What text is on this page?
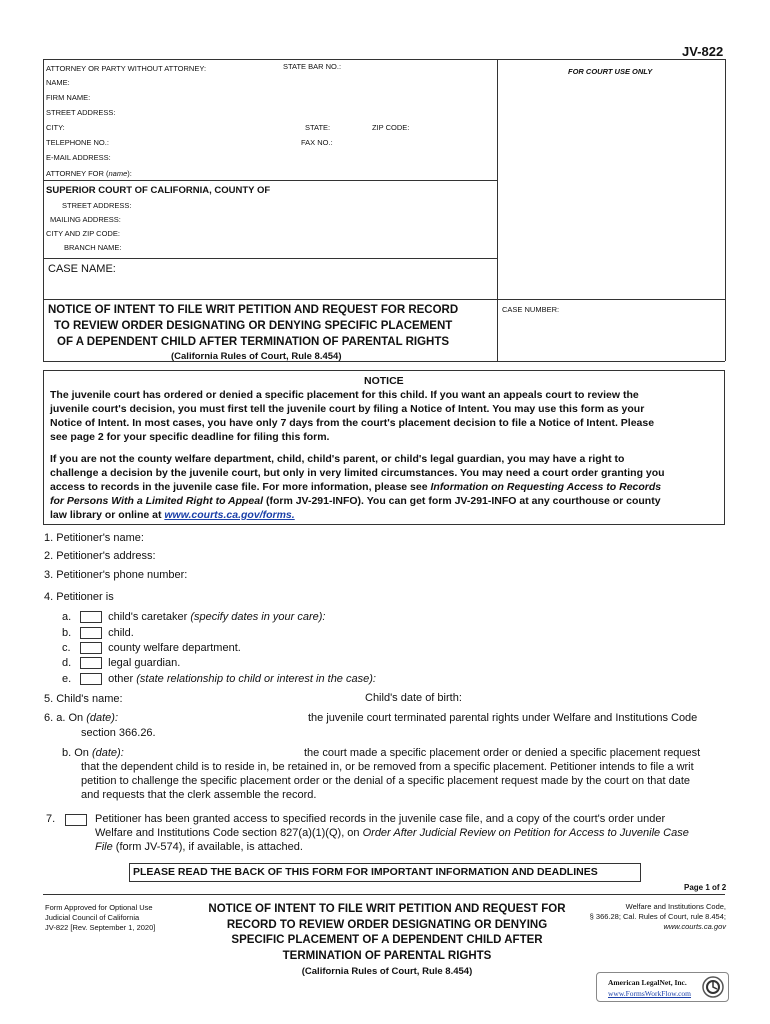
JV-822
ATTORNEY OR PARTY WITHOUT ATTORNEY:	STATE BAR NO.:
FOR COURT USE ONLY
NAME:
FIRM NAME:
STREET ADDRESS:
CITY:	STATE:	ZIP CODE:
TELEPHONE NO.:	FAX NO.:
E-MAIL ADDRESS:
ATTORNEY FOR (name):
SUPERIOR COURT OF CALIFORNIA, COUNTY OF
STREET ADDRESS:
MAILING ADDRESS:
CITY AND ZIP CODE:
BRANCH NAME:
CASE NAME:
CASE NUMBER:
NOTICE OF INTENT TO FILE WRIT PETITION AND REQUEST FOR RECORD
TO REVIEW ORDER DESIGNATING OR DENYING SPECIFIC PLACEMENT
OF A DEPENDENT CHILD AFTER TERMINATION OF PARENTAL RIGHTS
(California Rules of Court, Rule 8.454)
NOTICE
The juvenile court has ordered or denied a specific placement for this child. If you want an appeals court to review the
juvenile court's decision, you must first tell the juvenile court by filing a Notice of Intent. You may use this form as your
Notice of Intent. In most cases, you have only 7 days from the court's placement decision to file a Notice of Intent. Please
see page 2 for your specific deadline for filing this form.
If you are not the county welfare department, child, child's parent, or child's legal guardian, you may have a right to
challenge a decision by the juvenile court, but only in very limited circumstances. You may need a court order granting you
access to records in the juvenile case file. For more information, please see Information on Requesting Access to Records
for Persons With a Limited Right to Appeal (form JV-291-INFO). You can get form JV-291-INFO at any courthouse or county
law library or online at www.courts.ca.gov/forms.
1. Petitioner's name:
2. Petitioner's address:
3. Petitioner's phone number:
4. Petitioner is
a.	child's caretaker (specify dates in your care):
b.	child.
c.	county welfare department.
d.	legal guardian.
e.	other (state relationship to child or interest in the case):
5. Child's name:	Child's date of birth:
6. a. On (date):	the juvenile court terminated parental rights under Welfare and Institutions Code
section 366.26.
b. On (date):	the court made a specific placement order or denied a specific placement request
that the dependent child is to reside in, be retained in, or be removed from a specific placement. Petitioner intends to file a writ
petition to challenge the specific placement order or the denial of a specific placement request made by the court on that date
and requests that the clerk assemble the record.
7.	Petitioner has been granted access to specified records in the juvenile case file, and a copy of the court's order under
Welfare and Institutions Code section 827(a)(1)(Q), on Order After Judicial Review on Petition for Access to Juvenile Case
File (form JV-574), if available, is attached.
PLEASE READ THE BACK OF THIS FORM FOR IMPORTANT INFORMATION AND DEADLINES
Page 1 of 2
Form Approved for Optional Use
Judicial Council of California
JV-822 [Rev. September 1, 2020]
NOTICE OF INTENT TO FILE WRIT PETITION AND REQUEST FOR
RECORD TO REVIEW ORDER DESIGNATING OR DENYING
SPECIFIC PLACEMENT OF A DEPENDENT CHILD AFTER
TERMINATION OF PARENTAL RIGHTS
(California Rules of Court, Rule 8.454)
Welfare and Institutions Code,
§ 366.28; Cal. Rules of Court, rule 8.454;
www.courts.ca.gov
American LegalNet, Inc.
www.FormsWorkFlow.com
